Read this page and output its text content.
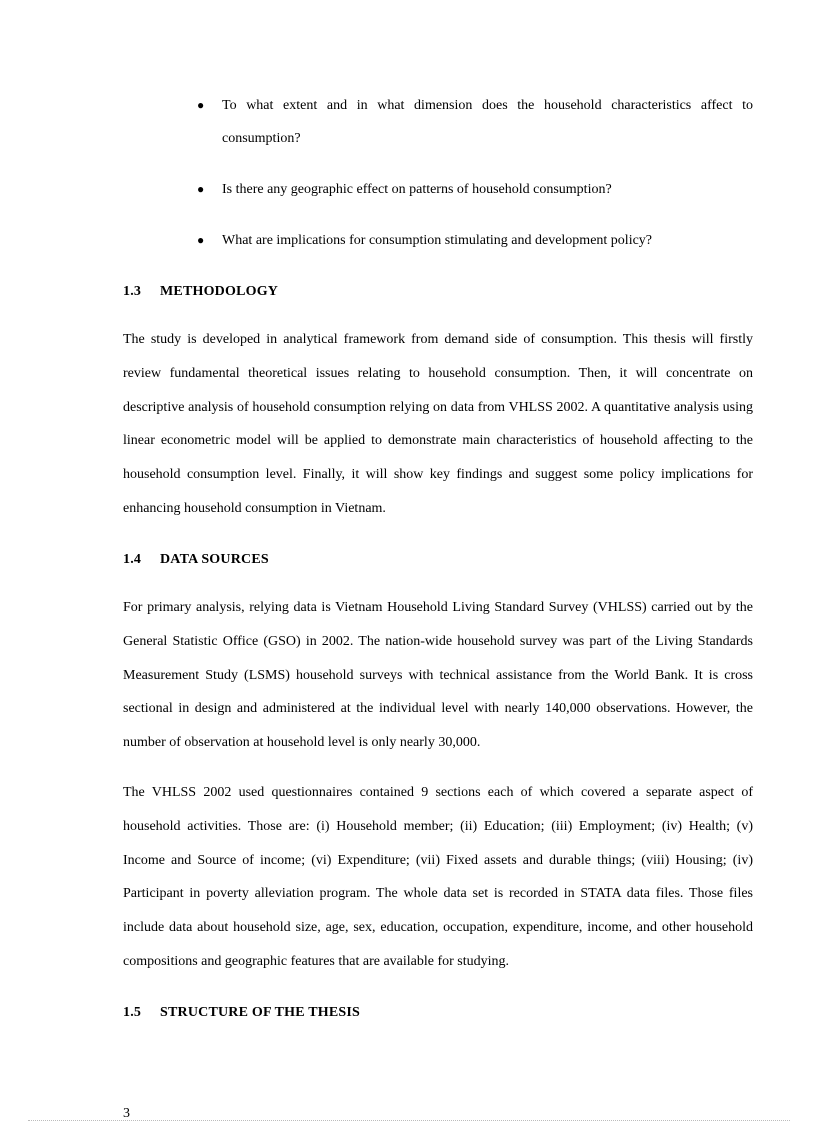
● To what extent and in what dimension does the household characteristics affect to consumption?
● Is there any geographic effect on patterns of household consumption?
● What are implications for consumption stimulating and development policy?
1.3 METHODOLOGY

The study is developed in analytical framework from demand side of consumption. This thesis will firstly review fundamental theoretical issues relating to household consumption. Then, it will concentrate on descriptive analysis of household consumption relying on data from VHLSS 2002. A quantitative analysis using linear econometric model will be applied to demonstrate main characteristics of household affecting to the household consumption level. Finally, it will show key findings and suggest some policy implications for enhancing household consumption in Vietnam.

1.4 DATA SOURCES

For primary analysis, relying data is Vietnam Household Living Standard Survey (VHLSS) carried out by the General Statistic Office (GSO) in 2002. The nation-wide household survey was part of the Living Standards Measurement Study (LSMS) household surveys with technical assistance from the World Bank. It is cross sectional in design and administered at the individual level with nearly 140,000 observations. However, the number of observation at household level is only nearly 30,000.

The VHLSS 2002 used questionnaires contained 9 sections each of which covered a separate aspect of household activities. Those are: (i) Household member; (ii) Education; (iii) Employment; (iv) Health; (v) Income and Source of income; (vi) Expenditure; (vii) Fixed assets and durable things; (viii) Housing; (iv) Participant in poverty alleviation program. The whole data set is recorded in STATA data files. Those files include data about household size, age, sex, education, occupation, expenditure, income, and other household compositions and geographic features that are available for studying.

1.5 STRUCTURE OF THE THESIS
3
